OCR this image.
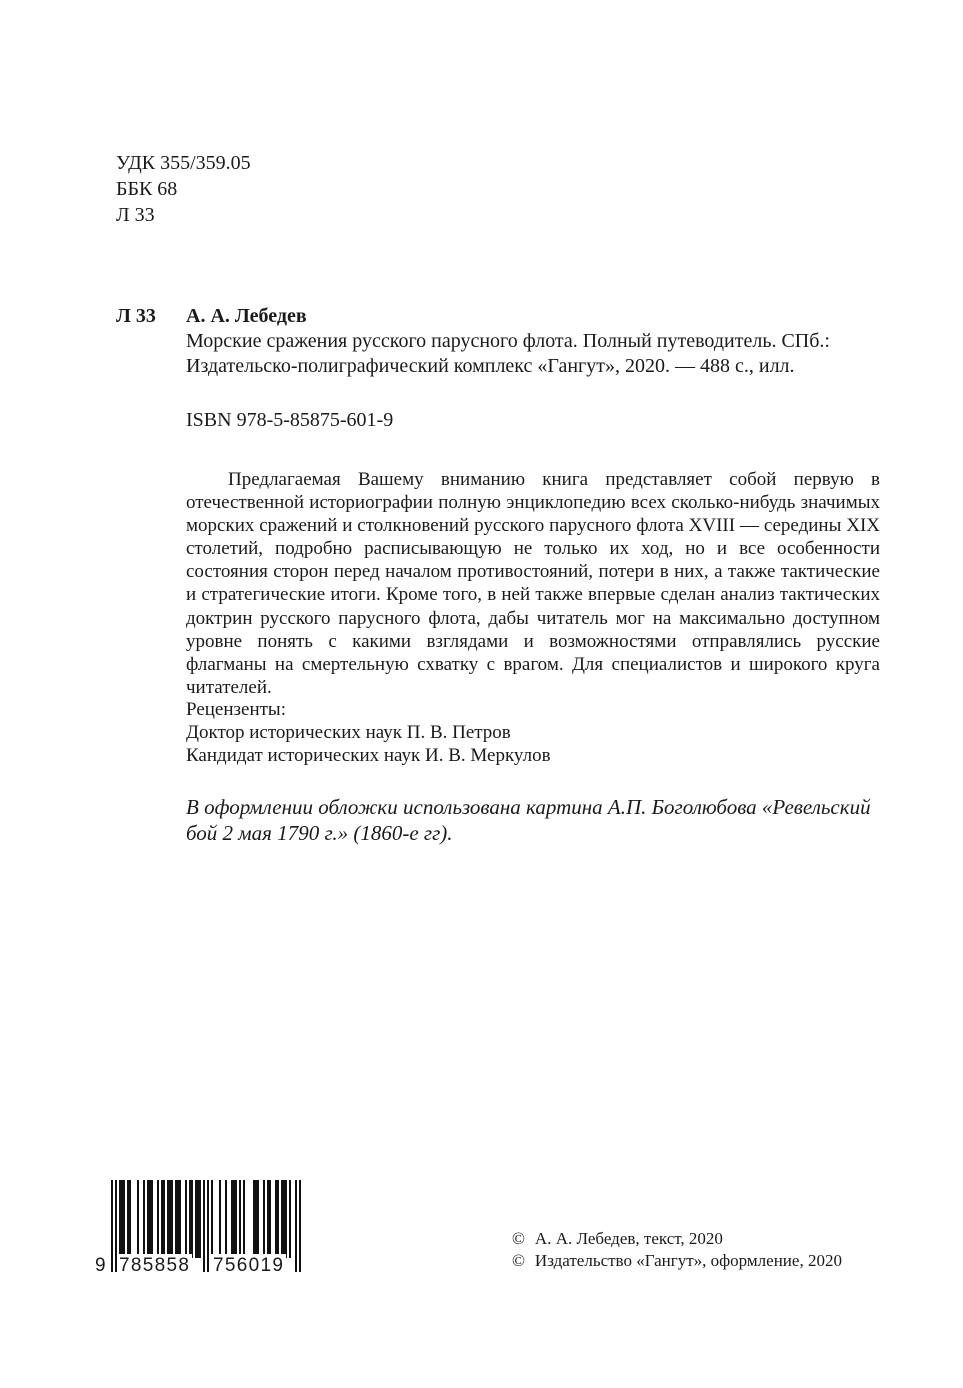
УДК 355/359.05
ББК 68
Л 33
Л 33 А. А. Лебедев
Морские сражения русского парусного флота. Полный путеводитель. СПб.:
Издательско-полиграфический комплекс «Гангут», 2020. — 488 с., илл.
ISBN 978-5-85875-601-9
Предлагаемая Вашему вниманию книга представляет собой первую в отечественной историографии полную энциклопедию всех сколько-нибудь значимых морских сражений и столкновений русского парусного флота XVIII — середины XIX столетий, подробно расписывающую не только их ход, но и все особенности состояния сторон перед началом противостояний, потери в них, а также тактические и стратегические итоги. Кроме того, в ней также впервые сделан анализ тактических доктрин русского парусного флота, дабы читатель мог на максимально доступном уровне понять с какими взглядами и возможностями отправлялись русские флагманы на смертельную схватку с врагом. Для специалистов и широкого круга читателей.
Рецензенты:
Доктор исторических наук П. В. Петров
Кандидат исторических наук И. В. Меркулов
В оформлении обложки использована картина А.П. Боголюбова «Ревельский бой 2 мая 1790 г.» (1860-е гг).
9 785858 756019
© А. А. Лебедев, текст, 2020
© Издательство «Гангут», оформление, 2020
